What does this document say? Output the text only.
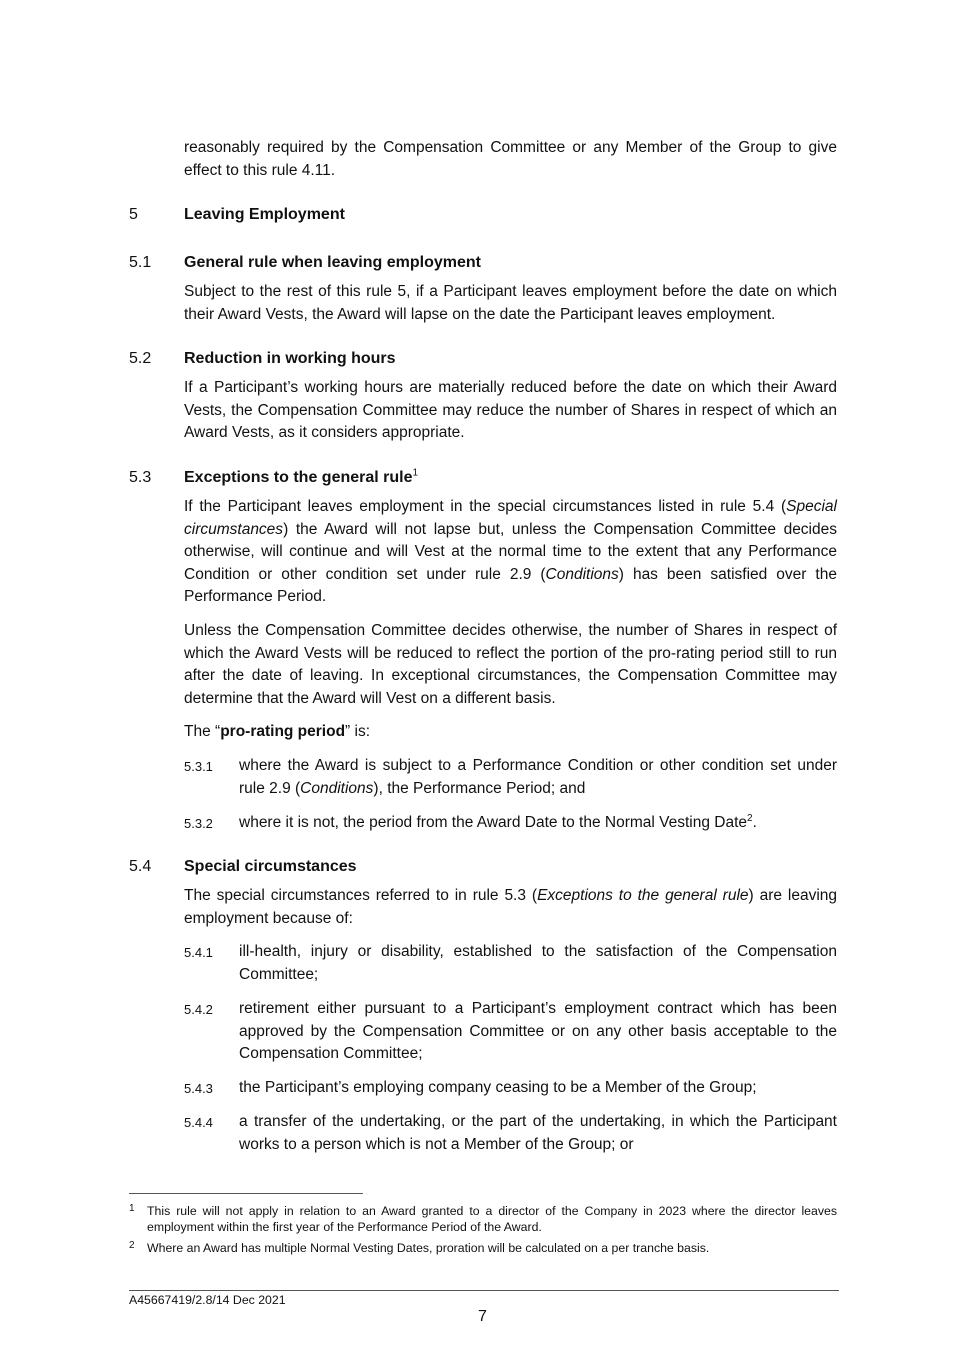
reasonably required by the Compensation Committee or any Member of the Group to give effect to this rule 4.11.
5	Leaving Employment
5.1 General rule when leaving employment
Subject to the rest of this rule 5, if a Participant leaves employment before the date on which their Award Vests, the Award will lapse on the date the Participant leaves employment.
5.2 Reduction in working hours
If a Participant’s working hours are materially reduced before the date on which their Award Vests, the Compensation Committee may reduce the number of Shares in respect of which an Award Vests, as it considers appropriate.
5.3 Exceptions to the general rule$^1$
If the Participant leaves employment in the special circumstances listed in rule 5.4 (Special circumstances) the Award will not lapse but, unless the Compensation Committee decides otherwise, will continue and will Vest at the normal time to the extent that any Performance Condition or other condition set under rule 2.9 (Conditions) has been satisfied over the Performance Period.
Unless the Compensation Committee decides otherwise, the number of Shares in respect of which the Award Vests will be reduced to reflect the portion of the pro-rating period still to run after the date of leaving. In exceptional circumstances, the Compensation Committee may determine that the Award will Vest on a different basis.
The “pro-rating period” is:
5.3.1 where the Award is subject to a Performance Condition or other condition set under rule 2.9 (Conditions), the Performance Period; and
5.3.2 where it is not, the period from the Award Date to the Normal Vesting Date$^2$.
5.4 Special circumstances
The special circumstances referred to in rule 5.3 (Exceptions to the general rule) are leaving employment because of:
5.4.1 ill-health, injury or disability, established to the satisfaction of the Compensation Committee;
5.4.2 retirement either pursuant to a Participant’s employment contract which has been approved by the Compensation Committee or on any other basis acceptable to the Compensation Committee;
5.4.3 the Participant’s employing company ceasing to be a Member of the Group;
5.4.4 a transfer of the undertaking, or the part of the undertaking, in which the Participant works to a person which is not a Member of the Group; or
1 This rule will not apply in relation to an Award granted to a director of the Company in 2023 where the director leaves employment within the first year of the Performance Period of the Award.
2 Where an Award has multiple Normal Vesting Dates, proration will be calculated on a per tranche basis.
A45667419/2.8/14 Dec 2021
7
